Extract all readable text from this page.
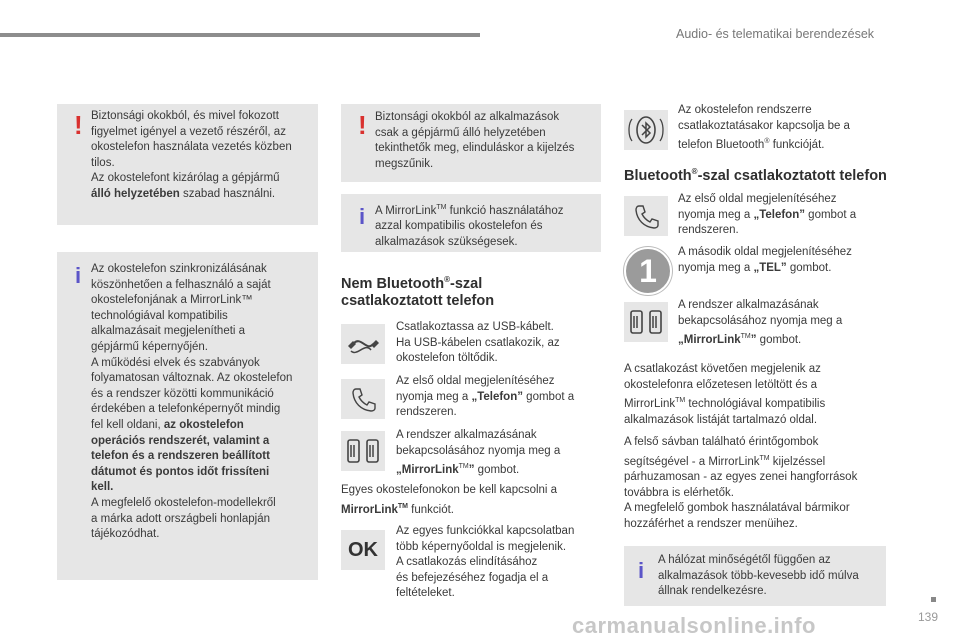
Audio- és telematikai berendezések
! Biztonsági okokból, és mivel fokozott
figyelmet igényel a vezető részéről, az
okostelefon használata vezetés közben
tilos.
Az okostelefont kizárólag a gépjármű
álló helyzetében szabad használni.
i Az okostelefon szinkronizálásának
köszönhetően a felhasználó a saját
okostelefonjának a MirrorLink™
technológiával kompatibilis
alkalmazásait megjelenítheti a
gépjármű képernyőjén.
A működési elvek és szabványok
folyamatosan változnak. Az okostelefon
és a rendszer közötti kommunikáció
érdekében a telefonképernyőt mindig
fel kell oldani, az okostelefon
operációs rendszerét, valamint a
telefon és a rendszeren beállított
dátumot és pontos időt frissíteni
kell.
A megfelelő okostelefon-modellekről
a márka adott országbeli honlapján
tájékozódhat.
! Biztonsági okokból az alkalmazások
csak a gépjármű álló helyzetében
tekinthetők meg, elinduláskor a kijelzés
megszűnik.
i A MirrorLink™ funkció használatához
azzal kompatibilis okostelefon és
alkalmazások szükségesek.
Nem Bluetooth®-szal
csatlakoztatott telefon
Csatlakoztassa az USB-kábelt.
Ha USB-kábelen csatlakozik, az
okostelefon töltődik.
Az első oldal megjelenítéséhez
nyomja meg a „Telefon” gombot a
rendszeren.
A rendszer alkalmazásának
bekapcsolásához nyomja meg a
„MirrorLink™” gombot.
Egyes okostelefonokon be kell kapcsolni a
MirrorLink™ funkciót.
OK
Az egyes funkciókkal kapcsolatban
több képernyőoldal is megjelenik.
A csatlakozás elindításához
és befejezéséhez fogadja el a
feltételeket.
Az okostelefon rendszerre
csatlakoztatásakor kapcsolja be a
telefon Bluetooth® funkcióját.
Bluetooth®-szal csatlakoztatott telefon
Az első oldal megjelenítéséhez
nyomja meg a „Telefon” gombot a
rendszeren.
1
A második oldal megjelenítéséhez
nyomja meg a „TEL” gombot.
A rendszer alkalmazásának
bekapcsolásához nyomja meg a
„MirrorLink™” gombot.
A csatlakozást követően megjelenik az
okostelefonra előzetesen letöltött és a
MirrorLink™ technológiával kompatibilis
alkalmazások listáját tartalmazó oldal.
A felső sávban található érintőgombok
segítségével - a MirrorLink™ kijelzéssel
párhuzamosan - az egyes zenei hangforrások
továbbra is elérhetők.
A megfelelő gombok használatával bármikor
hozzáférhet a rendszer menüihez.
i A hálózat minőségétől függően az
alkalmazások több-kevesebb idő múlva
állnak rendelkezésre.
carmanualsonline.info	139
